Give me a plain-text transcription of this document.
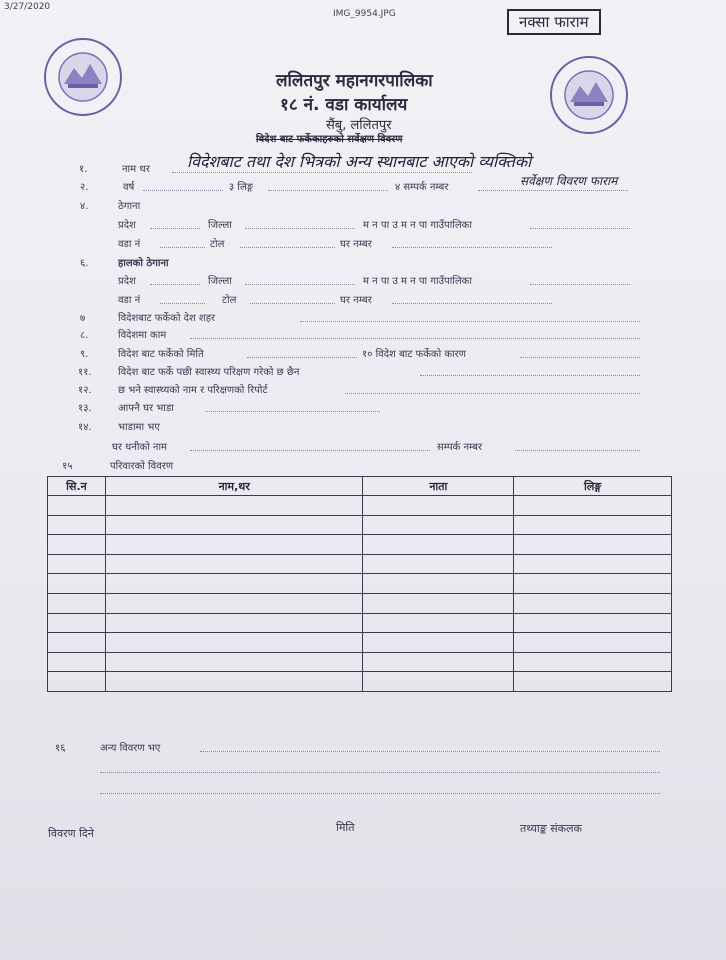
3/27/2020
IMG_9954.JPG	नक्सा फाराम
ललितपुर महानगरपालिका
१८ नं. वडा कार्यालय
सैंबु, ललितपुर
विदेश बाट फर्केकाहरुको सर्वेक्षण विवरण
विदेशबाट तथा देश भित्रको अन्य स्थानबाट आएको व्यक्तिको
सर्वेक्षण विवरण फाराम
१.	नाम थर
२.	वर्ष	३ लिङ्ग	४ सम्पर्क नम्बर
४.	ठेगाना
प्रदेश	जिल्ला	म न पा उ म न पा गाउँपालिका
वडा नं	टोल	घर नम्बर
६.	हालको ठेगाना
प्रदेश	जिल्ला	म न पा उ म न पा गाउँपालिका
वडा नं	टोल	घर नम्बर
७	विदेशबाट फर्केको देश शहर
८.	विदेशमा काम
९.	विदेश बाट फर्केको मिति	१० विदेश बाट फर्केको कारण
११.	विदेश बाट फर्के पछी स्वास्थ्य परिक्षण गरेको छ छैन
१२.	छ भने स्वास्थ्यको नाम र परिक्षणको रिपोर्ट
१३.	आफ्नै घर भाडा
१४.	भाडामा भए
घर धनीको नाम	सम्पर्क नम्बर
१५	परिवारको विवरण
सि.न	नाम,थर	नाता	लिङ्ग

१६	अन्य विवरण भए
विवरण दिने	मिति	तथ्याङ्क संकलक
